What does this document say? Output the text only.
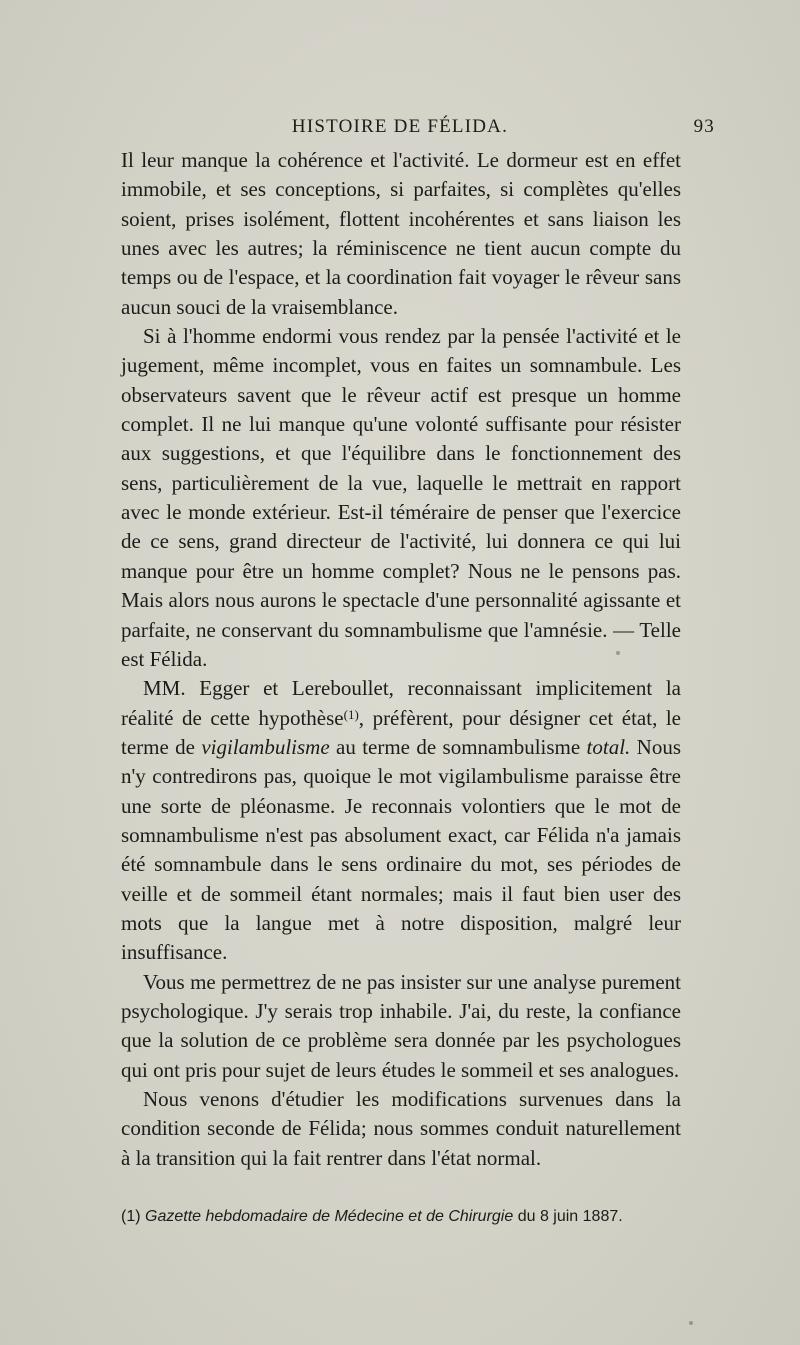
HISTOIRE DE FÉLIDA.	93

Il leur manque la cohérence et l'activité. Le dormeur est en effet immobile, et ses conceptions, si parfaites, si complètes qu'elles soient, prises isolément, flottent incohérentes et sans liaison les unes avec les autres; la réminiscence ne tient aucun compte du temps ou de l'espace, et la coordination fait voyager le rêveur sans aucun souci de la vraisemblance.

Si à l'homme endormi vous rendez par la pensée l'activité et le jugement, même incomplet, vous en faites un somnambule. Les observateurs savent que le rêveur actif est presque un homme complet. Il ne lui manque qu'une volonté suffisante pour résister aux suggestions, et que l'équilibre dans le fonctionnement des sens, particulièrement de la vue, laquelle le mettrait en rapport avec le monde extérieur. Est-il téméraire de penser que l'exercice de ce sens, grand directeur de l'activité, lui donnera ce qui lui manque pour être un homme complet? Nous ne le pensons pas. Mais alors nous aurons le spectacle d'une personnalité agissante et parfaite, ne conservant du somnambulisme que l'amnésie. — Telle est Félida.

MM. Egger et Lereboullet, reconnaissant implicitement la réalité de cette hypothèse$^{(1)}$, préfèrent, pour désigner cet état, le terme de vigilambulisme au terme de somnambulisme total. Nous n'y contredirons pas, quoique le mot vigilambulisme paraisse être une sorte de pléonasme. Je reconnais volontiers que le mot de somnambulisme n'est pas absolument exact, car Félida n'a jamais été somnambule dans le sens ordinaire du mot, ses périodes de veille et de sommeil étant normales; mais il faut bien user des mots que la langue met à notre disposition, malgré leur insuffisance.

Vous me permettrez de ne pas insister sur une analyse purement psychologique. J'y serais trop inhabile. J'ai, du reste, la confiance que la solution de ce problème sera donnée par les psychologues qui ont pris pour sujet de leurs études le sommeil et ses analogues.

Nous venons d'étudier les modifications survenues dans la condition seconde de Félida; nous sommes conduit naturellement à la transition qui la fait rentrer dans l'état normal.

(1) Gazette hebdomadaire de Médecine et de Chirurgie du 8 juin 1887.
